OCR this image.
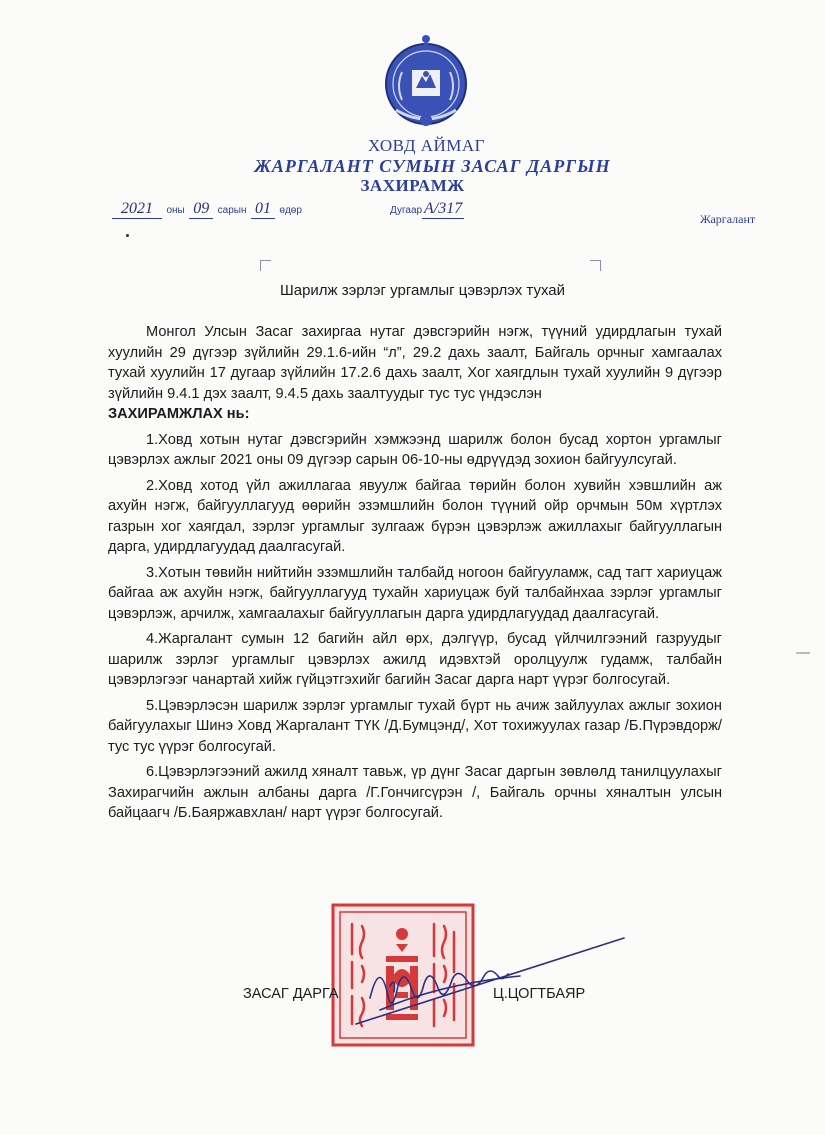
ХОВД АЙМАГ
ЖАРГАЛАНТ СУМЫН ЗАСАГ ДАРГЫН
ЗАХИРАМЖ
2021 оны 09 сарын 01 өдөр	Дугаар А/317
Жаргалант
Шарилж зэрлэг ургамлыг цэвэрлэх тухай

Монгол Улсын Засаг захиргаа нутаг дэвсгэрийн нэгж, түүний удирдлагын тухай хуулийн 29 дүгээр зүйлийн 29.1.6-ийн “л”, 29.2 дахь заалт, Байгаль орчныг хамгаалах тухай хуулийн 17 дугаар зүйлийн 17.2.6 дахь заалт, Хог хаягдлын тухай хуулийн 9 дүгээр зүйлийн 9.4.1 дэх заалт, 9.4.5 дахь заалтуудыг тус тус үндэслэн

ЗАХИРАМЖЛАХ нь:

1.Ховд хотын нутаг дэвсгэрийн хэмжээнд шарилж болон бусад хортон ургамлыг цэвэрлэх ажлыг 2021 оны 09 дүгээр сарын 06-10-ны өдрүүдэд зохион байгуулсугай.

2.Ховд хотод үйл ажиллагаа явуулж байгаа төрийн болон хувийн хэвшлийн аж ахуйн нэгж, байгууллагууд өөрийн эзэмшлийн болон түүний ойр орчмын 50м хүртлэх газрын хог хаягдал, зэрлэг ургамлыг зулгааж бүрэн цэвэрлэж ажиллахыг байгууллагын дарга, удирдлагуудад даалгасугай.

3.Хотын төвийн нийтийн эзэмшлийн талбайд ногоон байгууламж, сад тагт хариуцаж байгаа аж ахуйн нэгж, байгууллагууд тухайн хариуцаж буй талбайнхаа зэрлэг ургамлыг цэвэрлэж, арчилж, хамгаалахыг байгууллагын дарга удирдлагуудад даалгасугай.

4.Жаргалант сумын 12 багийн айл өрх, дэлгүүр, бусад үйлчилгээний газруудыг шарилж зэрлэг ургамлыг цэвэрлэх ажилд идэвхтэй оролцуулж гудамж, талбайн цэвэрлэгээг чанартай хийж гүйцэтгэхийг багийн Засаг дарга нарт үүрэг болгосугай.

5.Цэвэрлэсэн шарилж зэрлэг ургамлыг тухай бүрт нь ачиж зайлуулах ажлыг зохион байгуулахыг Шинэ Ховд Жаргалант ТҮК /Д.Бумцэнд/, Хот тохижуулах газар /Б.Пүрэвдорж/ тус тус үүрэг болгосугай.

6.Цэвэрлэгээний ажилд хяналт тавьж, үр дүнг Засаг даргын зөвлөлд танилцуулахыг Захирагчийн ажлын албаны дарга /Г.Гончигсүрэн /, Байгаль орчны хяналтын улсын байцаагч /Б.Баяржавхлан/ нарт үүрэг болгосугай.

ЗАСАГ ДАРГА	Ц.ЦОГТБАЯР
